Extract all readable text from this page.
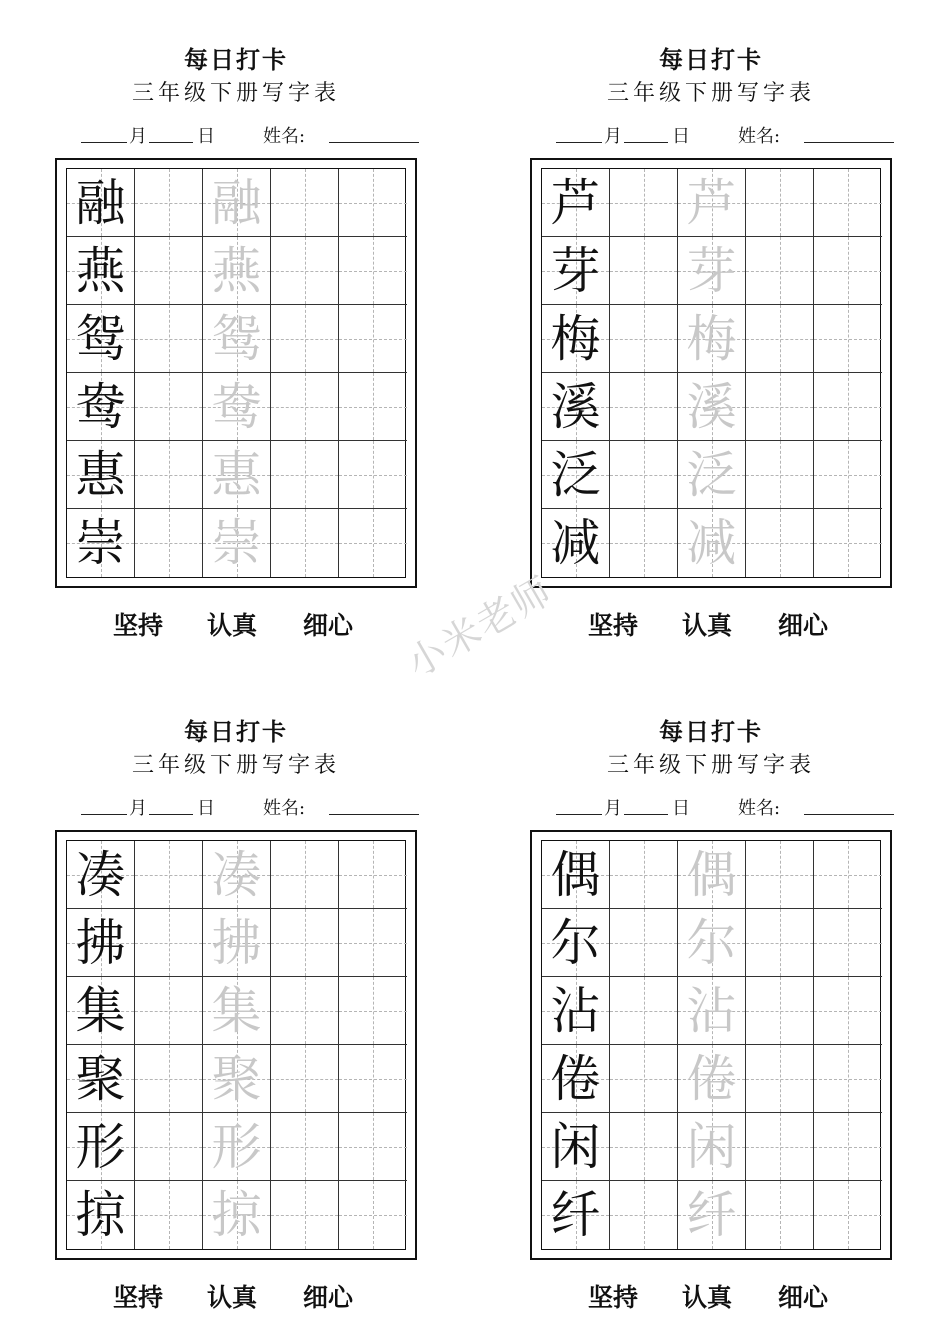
每日打卡
三年级下册写字表
月	日	姓名:
融 融
燕 燕
鸳 鸳
鸯 鸯
惠 惠
崇 崇
坚持 认真 细心
每日打卡
三年级下册写字表
月	日	姓名:
芦 芦
芽 芽
梅 梅
溪 溪
泛 泛
减 减
坚持 认真 细心
每日打卡
三年级下册写字表
月	日	姓名:
凑 凑
拂 拂
集 集
聚 聚
形 形
掠 掠
坚持 认真 细心
每日打卡
三年级下册写字表
月	日	姓名:
偶 偶
尔 尔
沾 沾
倦 倦
闲 闲
纤 纤
坚持 认真 细心
小米老师
